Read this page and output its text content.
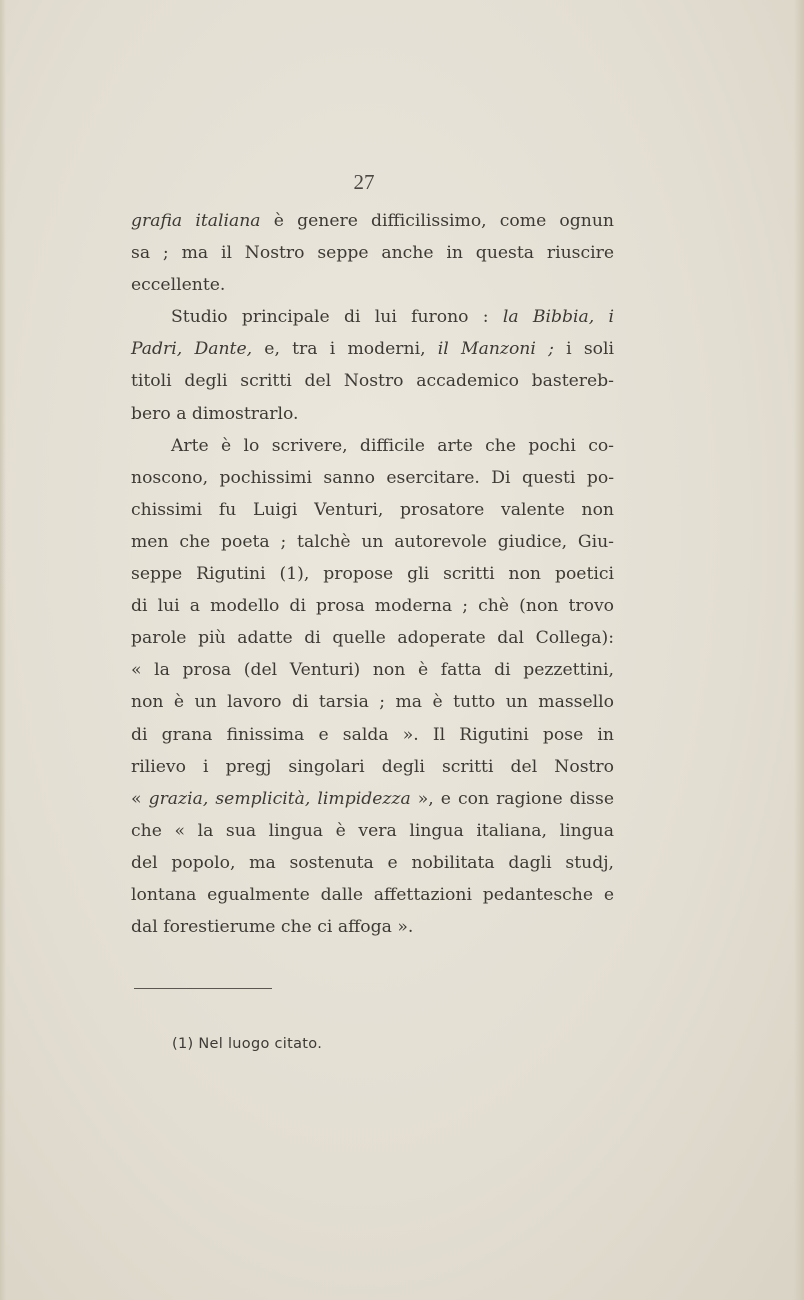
27

grafia italiana è genere difficilissimo, come ognun
sa ; ma il Nostro seppe anche in questa riuscire
eccellente.

Studio principale di lui furono : la Bibbia, i
Padri, Dante, e, tra i moderni, il Manzoni ; i soli
titoli degli scritti del Nostro accademico basterеb-
bero a dimostrarlo.

Arte è lo scrivere, difficile arte che pochi co-
noscono, pochissimi sanno esercitare. Di questi po-
chissimi fu Luigi Venturi, prosatore valente non
men che poeta ; talchè un autorevole giudice, Giu-
seppe Rigutini (1), propose gli scritti non poetici
di lui a modello di prosa moderna ; chè (non trovo
parole più adatte di quelle adoperate dal Collega):
« la prosa (del Venturi) non è fatta di pezzettini,
non è un lavoro di tarsia ; ma è tutto un massello
di grana finissima e salda ». Il Rigutini pose in
rilievo i pregj singolari degli scritti del Nostro
« grazia, semplicità, limpidezza », e con ragione disse
che « la sua lingua è vera lingua italiana, lingua
del popolo, ma sostenuta e nobilitata dagli studj,
lontana egualmente dalle affettazioni pedantesche e
dal forestierume che ci affoga ».

(1) Nel luogo citato.
